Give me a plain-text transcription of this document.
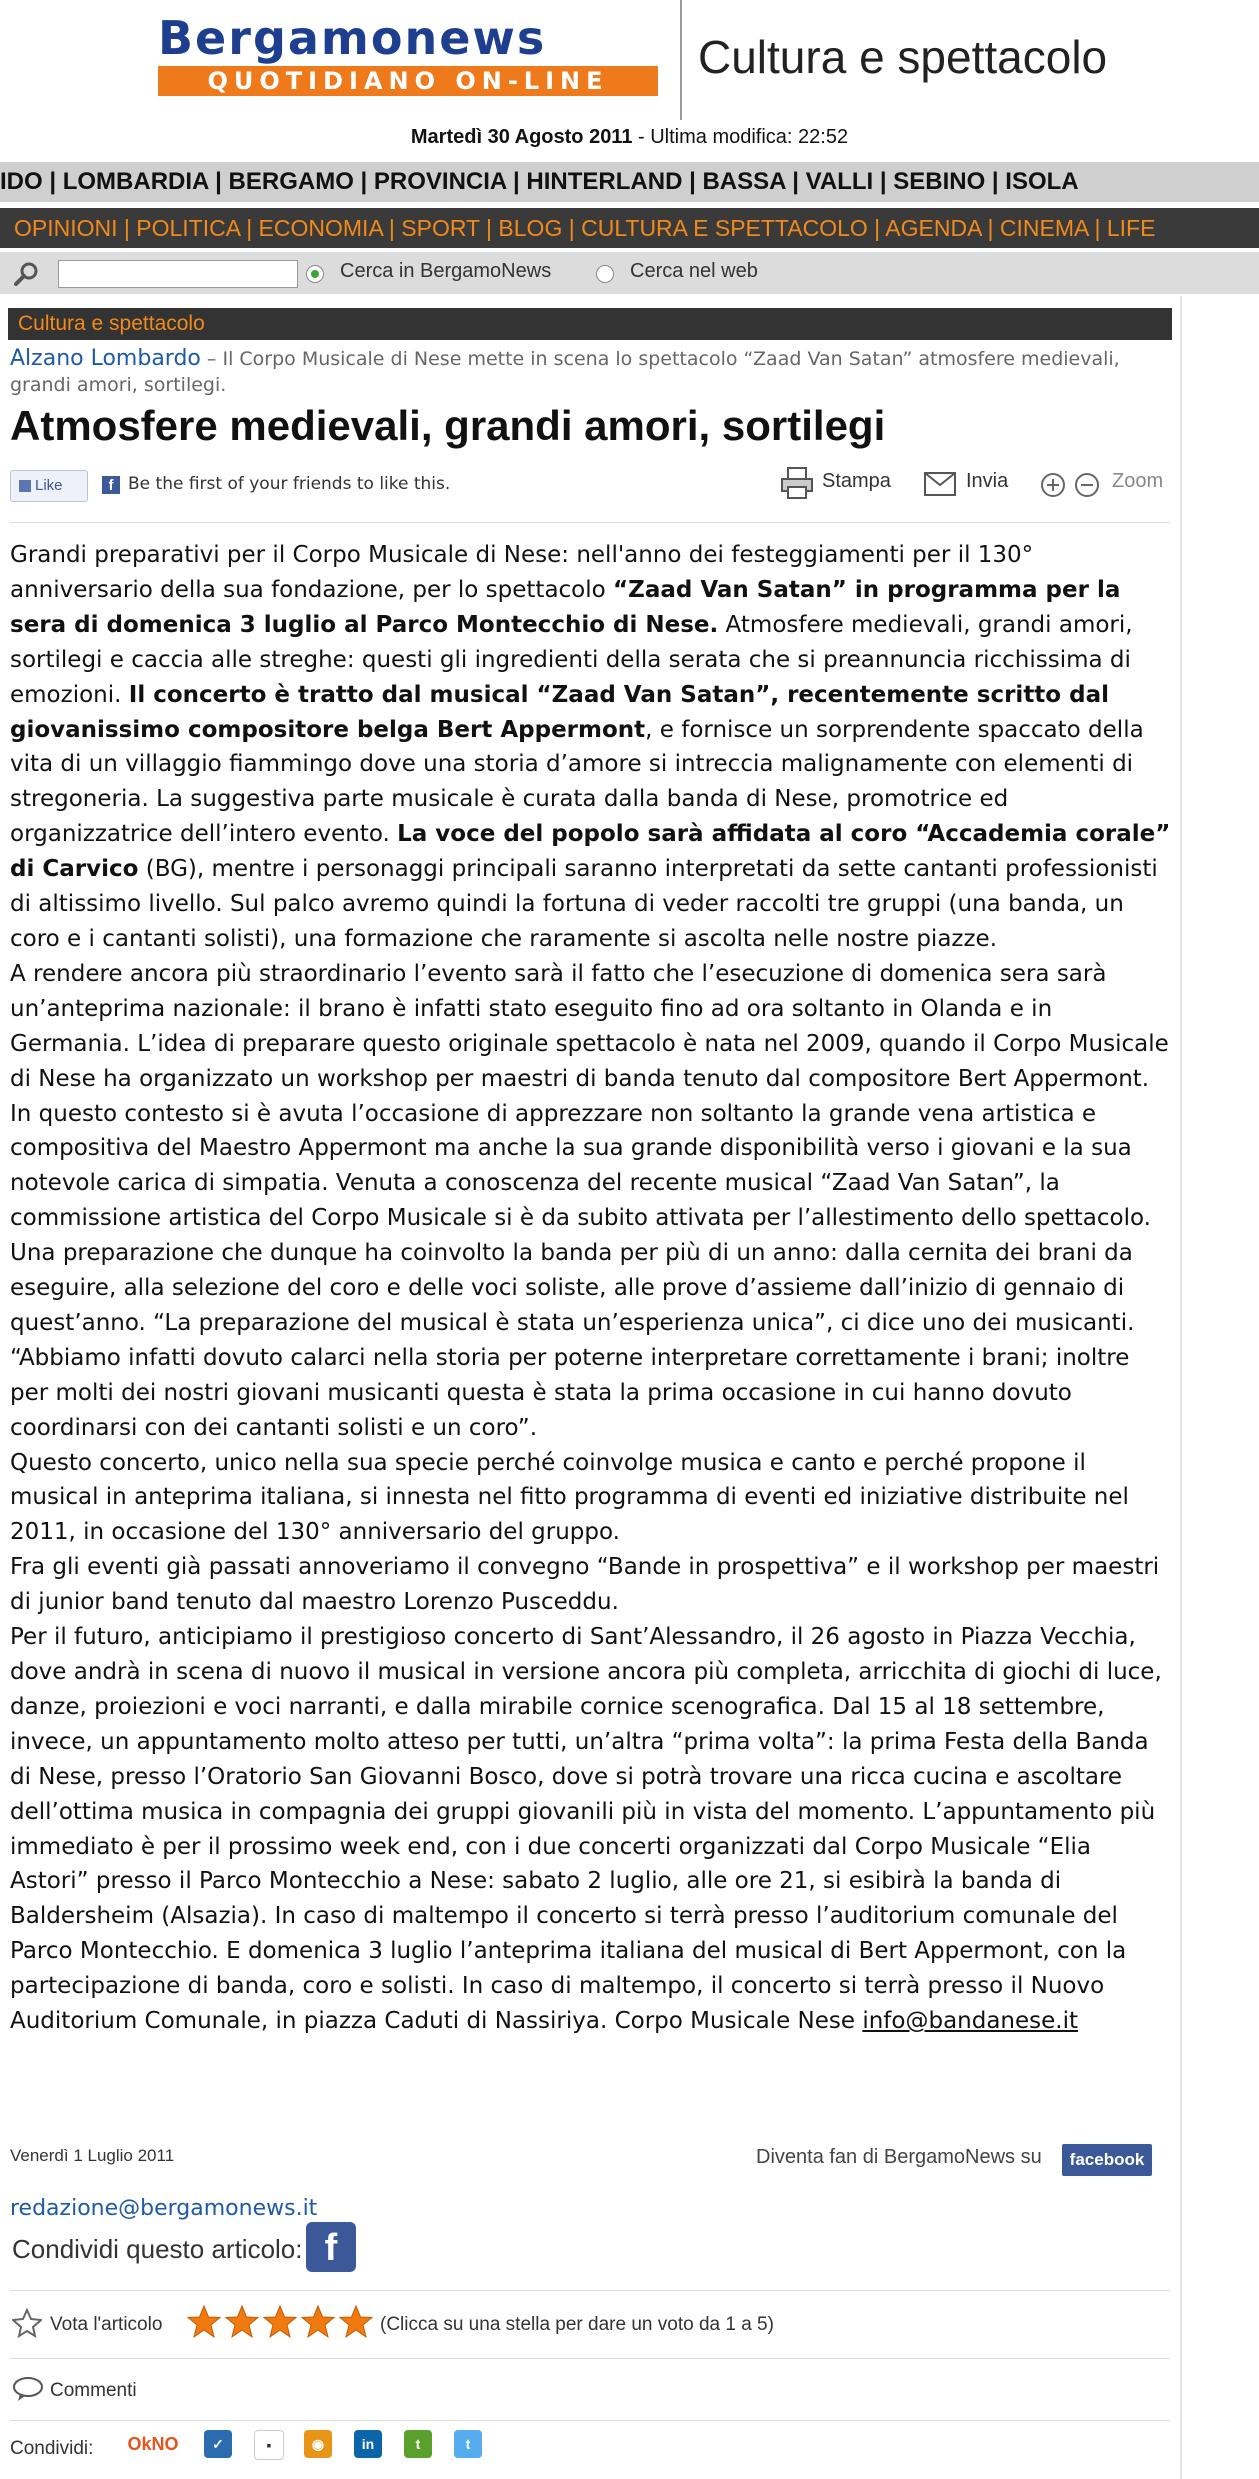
Bergamonews
QUOTIDIANO ON-LINE	Cultura e spettacolo
Martedì 30 Agosto 2011 - Ultima modifica: 22:52
IDO | LOMBARDIA | BERGAMO | PROVINCIA | HINTERLAND | BASSA | VALLI | SEBINO | ISOLA
OPINIONI | POLITICA | ECONOMIA | SPORT | BLOG | CULTURA E SPETTACOLO | AGENDA | CINEMA | LIFE
Cerca in BergamoNews	Cerca nel web
Cultura e spettacolo
Alzano Lombardo – Il Corpo Musicale di Nese mette in scena lo spettacolo “Zaad Van Satan” atmosfere medievali, grandi amori, sortilegi.
Atmosfere medievali, grandi amori, sortilegi
Like	f Be the first of your friends to like this.	Stampa	Invia	Zoom

Grandi preparativi per il Corpo Musicale di Nese: nell'anno dei festeggiamenti per il 130° anniversario della sua fondazione, per lo spettacolo “Zaad Van Satan” in programma per la sera di domenica 3 luglio al Parco Montecchio di Nese. Atmosfere medievali, grandi amori, sortilegi e caccia alle streghe: questi gli ingredienti della serata che si preannuncia ricchissima di emozioni. Il concerto è tratto dal musical “Zaad Van Satan”, recentemente scritto dal giovanissimo compositore belga Bert Appermont, e fornisce un sorprendente spaccato della vita di un villaggio fiammingo dove una storia d’amore si intreccia malignamente con elementi di stregoneria. La suggestiva parte musicale è curata dalla banda di Nese, promotrice ed organizzatrice dell’intero evento. La voce del popolo sarà affidata al coro “Accademia corale” di Carvico (BG), mentre i personaggi principali saranno interpretati da sette cantanti professionisti di altissimo livello. Sul palco avremo quindi la fortuna di veder raccolti tre gruppi (una banda, un coro e i cantanti solisti), una formazione che raramente si ascolta nelle nostre piazze.

A rendere ancora più straordinario l’evento sarà il fatto che l’esecuzione di domenica sera sarà un’anteprima nazionale: il brano è infatti stato eseguito fino ad ora soltanto in Olanda e in Germania. L’idea di preparare questo originale spettacolo è nata nel 2009, quando il Corpo Musicale di Nese ha organizzato un workshop per maestri di banda tenuto dal compositore Bert Appermont. In questo contesto si è avuta l’occasione di apprezzare non soltanto la grande vena artistica e compositiva del Maestro Appermont ma anche la sua grande disponibilità verso i giovani e la sua notevole carica di simpatia. Venuta a conoscenza del recente musical “Zaad Van Satan”, la commissione artistica del Corpo Musicale si è da subito attivata per l’allestimento dello spettacolo. Una preparazione che dunque ha coinvolto la banda per più di un anno: dalla cernita dei brani da eseguire, alla selezione del coro e delle voci soliste, alle prove d’assieme dall’inizio di gennaio di quest’anno. “La preparazione del musical è stata un’esperienza unica”, ci dice uno dei musicanti. “Abbiamo infatti dovuto calarci nella storia per poterne interpretare correttamente i brani; inoltre per molti dei nostri giovani musicanti questa è stata la prima occasione in cui hanno dovuto coordinarsi con dei cantanti solisti e un coro”.

Questo concerto, unico nella sua specie perché coinvolge musica e canto e perché propone il musical in anteprima italiana, si innesta nel fitto programma di eventi ed iniziative distribuite nel 2011, in occasione del 130° anniversario del gruppo.

Fra gli eventi già passati annoveriamo il convegno “Bande in prospettiva” e il workshop per maestri di junior band tenuto dal maestro Lorenzo Pusceddu.

Per il futuro, anticipiamo il prestigioso concerto di Sant’Alessandro, il 26 agosto in Piazza Vecchia, dove andrà in scena di nuovo il musical in versione ancora più completa, arricchita di giochi di luce, danze, proiezioni e voci narranti, e dalla mirabile cornice scenografica. Dal 15 al 18 settembre, invece, un appuntamento molto atteso per tutti, un’altra “prima volta”: la prima Festa della Banda di Nese, presso l’Oratorio San Giovanni Bosco, dove si potrà trovare una ricca cucina e ascoltare dell’ottima musica in compagnia dei gruppi giovanili più in vista del momento. L’appuntamento più immediato è per il prossimo week end, con i due concerti organizzati dal Corpo Musicale “Elia Astori” presso il Parco Montecchio a Nese: sabato 2 luglio, alle ore 21, si esibirà la banda di Baldersheim (Alsazia). In caso di maltempo il concerto si terrà presso l’auditorium comunale del Parco Montecchio. E domenica 3 luglio l’anteprima italiana del musical di Bert Appermont, con la partecipazione di banda, coro e solisti. In caso di maltempo, il concerto si terrà presso il Nuovo Auditorium Comunale, in piazza Caduti di Nassiriya. Corpo Musicale Nese info@bandanese.it

Venerdì 1 Luglio 2011	Diventa fan di BergamoNews su	facebook
redazione@bergamonews.it
Condividi questo articolo: f
Vota l'articolo	(Clicca su una stella per dare un voto da 1 a 5)
Commenti
Condividi: OkNO	✓	▪	◉	in	t	t
